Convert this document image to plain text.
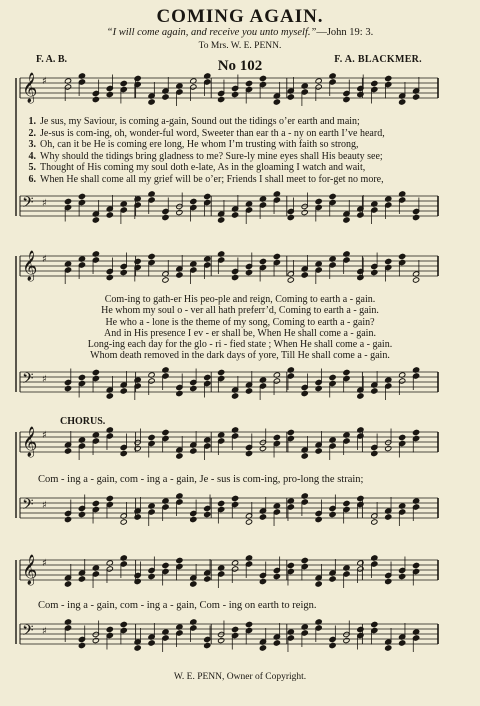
COMING AGAIN.
“I will come again, and receive you unto myself.”—John 19: 3.
To Mrs. W. E. PENN.
F. A. B.	F. A. BLACKMER.
No 102
𝄞 ♯
𝄢 ♯
𝄞 ♯
𝄢 ♯
𝄞 ♯
𝄢 ♯
𝄞 ♯
𝄢 ♯
1. Je sus, my Saviour, is coming a-gain, Sound out the tidings o’er earth and main;
2. Je-sus is com-ing, oh, wonder-ful word, Sweeter than ear th a - ny on earth I’ve heard,
3. Oh, can it be He is coming ere long, He whom I’m trusting with faith so strong,
4. Why should the tidings bring gladness to me? Sure-ly mine eyes shall His beauty see;
5. Thought of His coming my soul doth e-late, As in the gloaming I watch and wait,
6. When He shall come all my grief will be o’er; Friends I shall meet to for-get no more,
Com-ing to gath-er His peo-ple and reign, Coming to earth a - gain.
He whom my soul o - ver all hath preferr’d, Coming to earth a - gain.
He who a - lone is the theme of my song, Coming to earth a - gain?
And in His presence I ev - er shall be, When He shall come a - gain.
Long-ing each day for the glo - ri - fied state ; When He shall come a - gain.
Whom death removed in the dark days of yore, Till He shall come a - gain.
CHORUS.
Com - ing a - gain, com - ing a - gain, Je - sus is com-ing, pro-long the strain;
Com - ing a - gain, com - ing a - gain, Com - ing on earth to reign.
W. E. PENN, Owner of Copyright.
